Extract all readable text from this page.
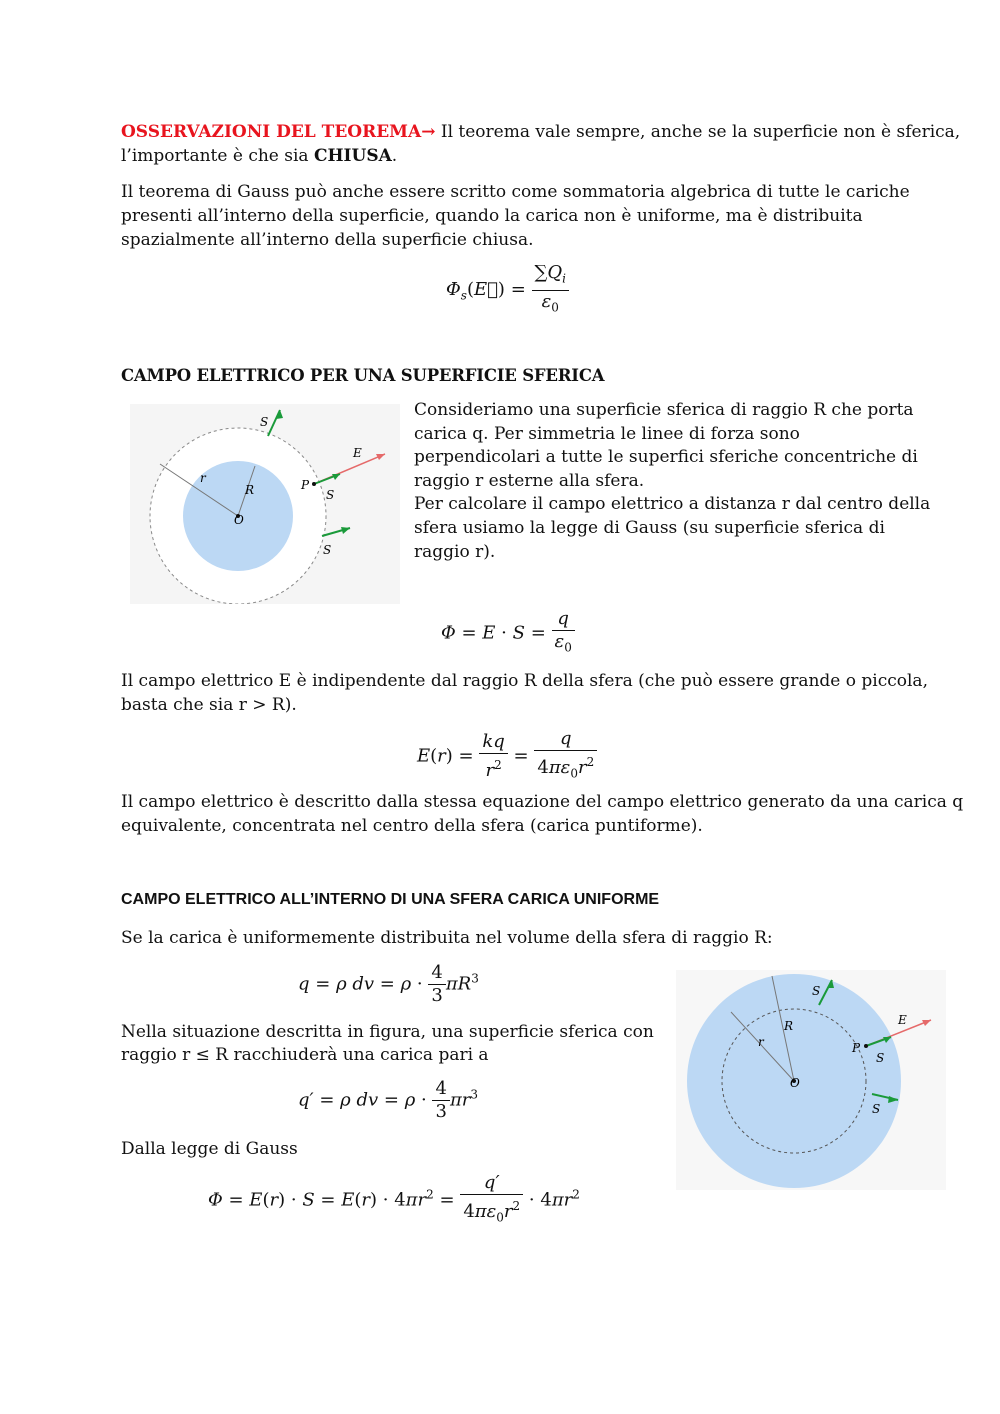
OSSERVAZIONI DEL TEOREMA→ Il teorema vale sempre, anche se la superficie non è sferica,
l’importante è che sia CHIUSA.
Il teorema di Gauss può anche essere scritto come sommatoria algebrica di tutte le cariche
presenti all’interno della superficie, quando la carica non è uniforme, ma è distribuita
spazialmente all’interno della superficie chiusa.
$\Phi_s(E⃗) = \frac{\sum Q_i}{\varepsilon_0}$
CAMPO ELETTRICO PER UNA SUPERFICIE SFERICA
S
E
S
S
r
R	P
O
Consideriamo una superficie sferica di raggio R che porta
carica q. Per simmetria le linee di forza sono
perpendicolari a tutte le superfici sferiche concentriche di
raggio r esterne alla sfera.
Per calcolare il campo elettrico a distanza r dal centro della
sfera usiamo la legge di Gauss (su superficie sferica di
raggio r).
$\Phi = E \cdot S = \frac{q}{\varepsilon_0}$
Il campo elettrico E è indipendente dal raggio R della sfera (che può essere grande o piccola,
basta che sia r > R).
$E(r) = \frac{kq}{r^2} = \frac{q}{4\pi\varepsilon_0r^2}$
Il campo elettrico è descritto dalla stessa equazione del campo elettrico generato da una carica q
equivalente, concentrata nel centro della sfera (carica puntiforme).
CAMPO ELETTRICO ALL’INTERNO DI UNA SFERA CARICA UNIFORME
Se la carica è uniformemente distribuita nel volume della sfera di raggio R:
q = ρ dv = $\rho \cdot \frac{4}{3} \pi R^3$
Nella situazione descritta in figura, una superficie sferica con
raggio r ≤ R racchiuderà una carica pari a
q′ = ρ dv = $\rho \cdot \frac{4}{3} \pi r^3$
Dalla legge di Gauss
$\Phi = E(r) \cdot S = E(r) \cdot 4\pi r^2 = \frac{q'}{4\pi\varepsilon_0r^2} \cdot 4\pi r^2$
S
E
S
S
r
R
P
O
